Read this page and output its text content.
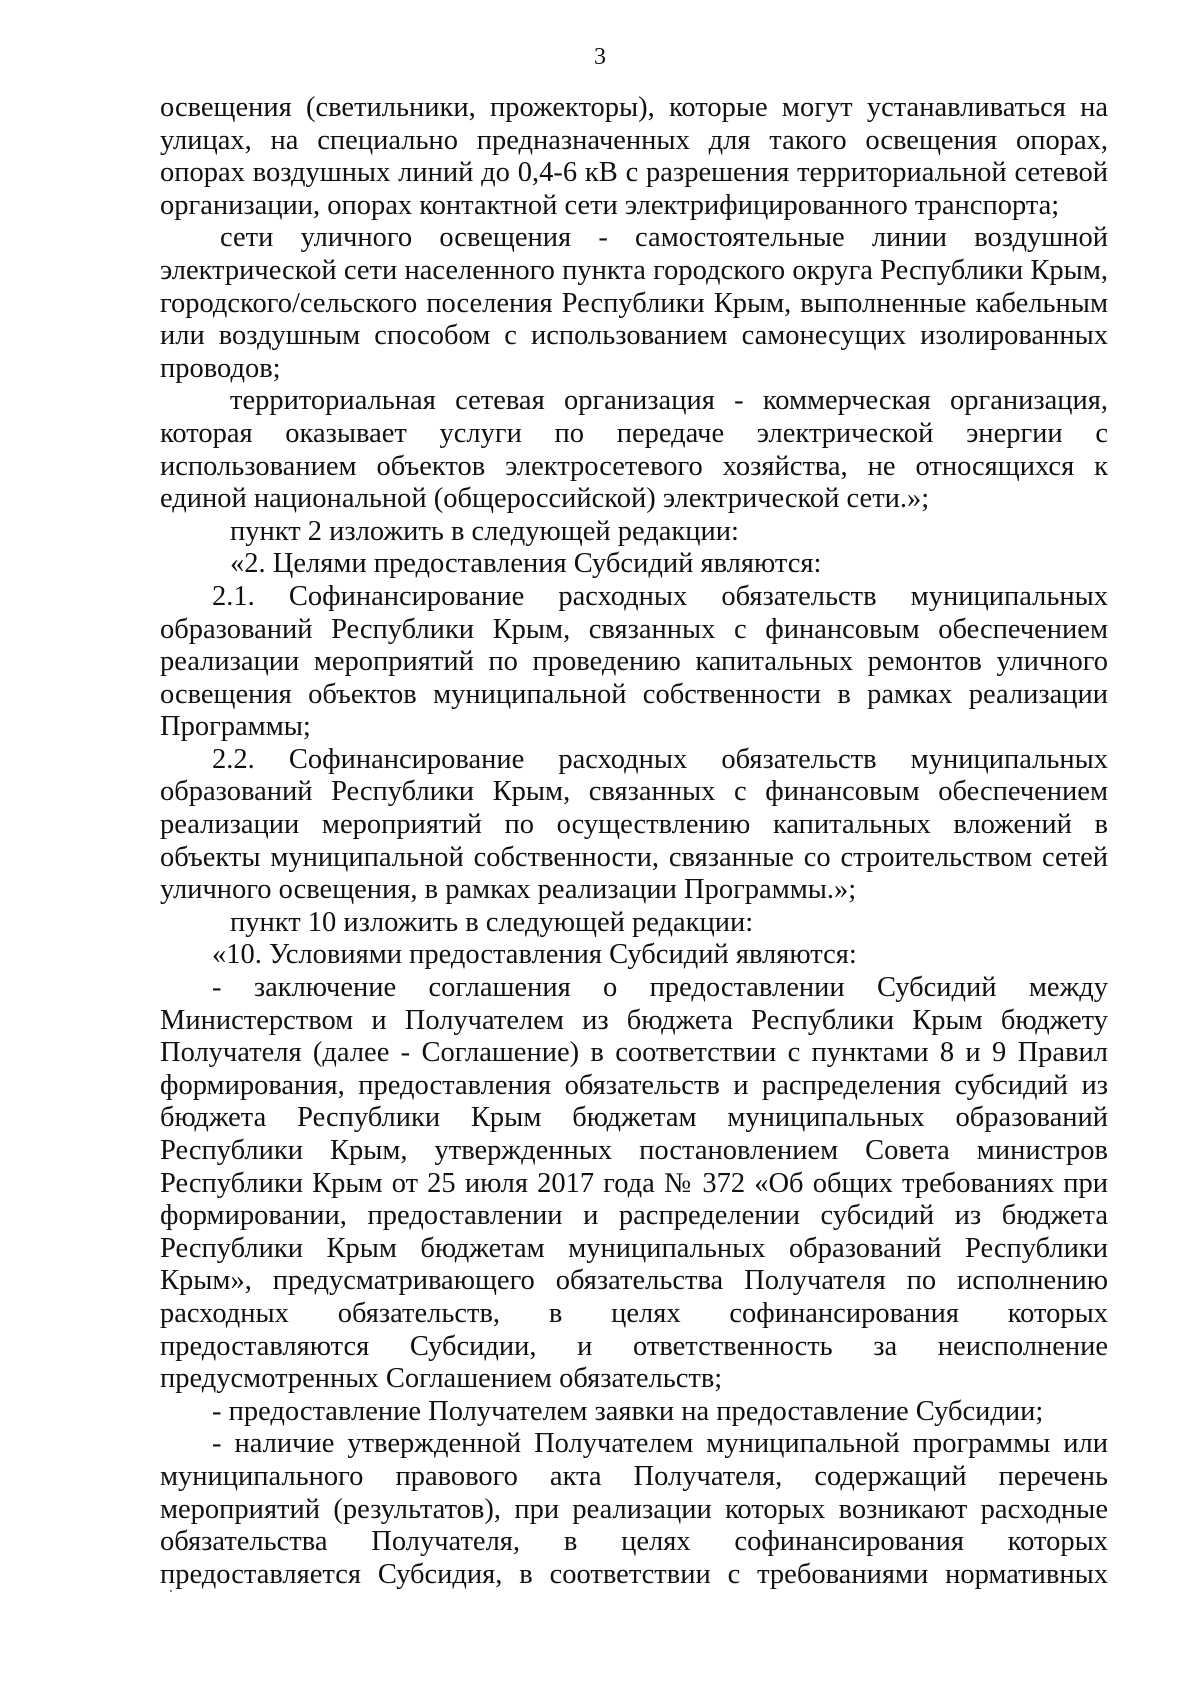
3

освещения (светильники, прожекторы), которые могут устанавливаться на улицах, на специально предназначенных для такого освещения опорах, опорах воздушных линий до 0,4-6 кВ с разрешения территориальной сетевой организации, опорах контактной сети электрифицированного транспорта;

сети уличного освещения - самостоятельные линии воздушной электрической сети населенного пункта городского округа Республики Крым, городского/сельского поселения Республики Крым, выполненные кабельным или воздушным способом с использованием самонесущих изолированных проводов;

территориальная сетевая организация - коммерческая организация, которая оказывает услуги по передаче электрической энергии с использованием объектов электросетевого хозяйства, не относящихся к единой национальной (общероссийской) электрической сети.»;

пункт 2 изложить в следующей редакции:

«2. Целями предоставления Субсидий являются:

2.1. Софинансирование расходных обязательств муниципальных образований Республики Крым, связанных с финансовым обеспечением реализации мероприятий по проведению капитальных ремонтов уличного освещения объектов муниципальной собственности в рамках реализации Программы;

2.2. Софинансирование расходных обязательств муниципальных образований Республики Крым, связанных с финансовым обеспечением реализации мероприятий по осуществлению капитальных вложений в объекты муниципальной собственности, связанные со строительством сетей уличного освещения, в рамках реализации Программы.»;

пункт 10 изложить в следующей редакции:

«10. Условиями предоставления Субсидий являются:

- заключение соглашения о предоставлении Субсидий между Министерством и Получателем из бюджета Республики Крым бюджету Получателя (далее - Соглашение) в соответствии с пунктами 8 и 9 Правил формирования, предоставления обязательств и распределения субсидий из бюджета Республики Крым бюджетам муниципальных образований Республики Крым, утвержденных постановлением Совета министров Республики Крым от 25 июля 2017 года № 372 «Об общих требованиях при формировании, предоставлении и распределении субсидий из бюджета Республики Крым бюджетам муниципальных образований Республики Крым», предусматривающего обязательства Получателя по исполнению расходных обязательств, в целях софинансирования которых предоставляются Субсидии, и ответственность за неисполнение предусмотренных Соглашением обязательств;

- предоставление Получателем заявки на предоставление Субсидии;

- наличие утвержденной Получателем муниципальной программы или муниципального правового акта Получателя, содержащий перечень мероприятий (результатов), при реализации которых возникают расходные обязательства Получателя, в целях софинансирования которых предоставляется Субсидия, в соответствии с требованиями нормативных
